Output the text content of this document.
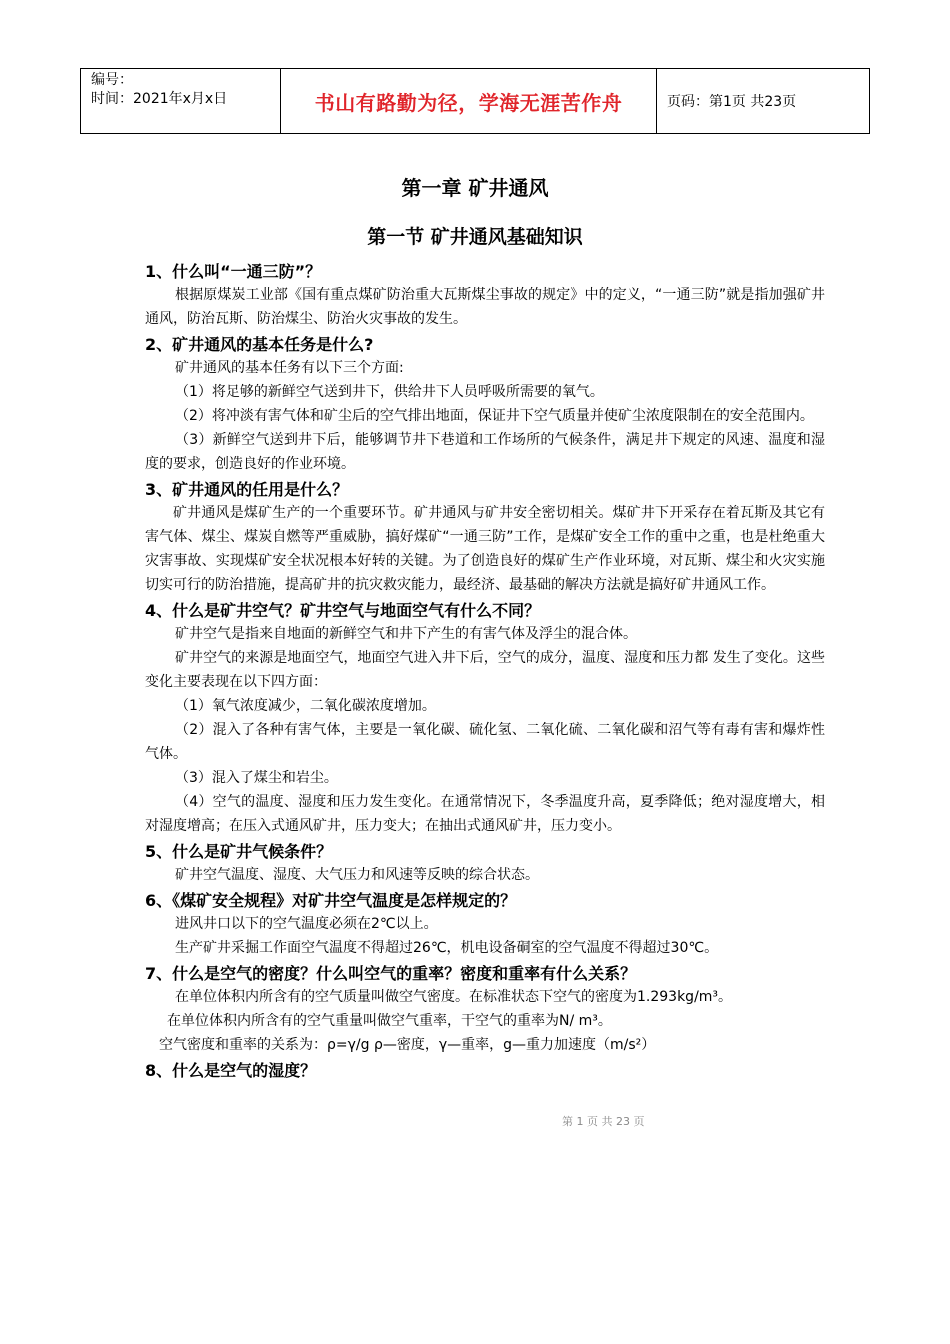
编号：
时间：2021年x月x日	书山有路勤为径，学海无涯苦作舟	页码：第1页 共23页
第一章 矿井通风
第一节 矿井通风基础知识
1、什么叫“一通三防”？
根据原煤炭工业部《国有重点煤矿防治重大瓦斯煤尘事故的规定》中的定义，“一通三防”就是指加强矿井通风，防治瓦斯、防治煤尘、防治火灾事故的发生。
2、矿井通风的基本任务是什么?
矿井通风的基本任务有以下三个方面:
（1）将足够的新鲜空气送到井下，供给井下人员呼吸所需要的氧气。
（2）将冲淡有害气体和矿尘后的空气排出地面，保证井下空气质量并使矿尘浓度限制在的安全范围内。
（3）新鲜空气送到井下后，能够调节井下巷道和工作场所的气候条件，满足井下规定的风速、温度和湿度的要求，创造良好的作业环境。
3、矿井通风的任用是什么？
矿井通风是煤矿生产的一个重要环节。矿井通风与矿井安全密切相关。煤矿井下开采存在着瓦斯及其它有害气体、煤尘、煤炭自燃等严重威胁，搞好煤矿“一通三防”工作，是煤矿安全工作的重中之重，也是杜绝重大灾害事故、实现煤矿安全状况根本好转的关键。为了创造良好的煤矿生产作业环境，对瓦斯、煤尘和火灾实施切实可行的防治措施，提高矿井的抗灾救灾能力，最经济、最基础的解决方法就是搞好矿井通风工作。
4、什么是矿井空气？矿井空气与地面空气有什么不同？
矿井空气是指来自地面的新鲜空气和井下产生的有害气体及浮尘的混合体。
矿井空气的来源是地面空气，地面空气进入井下后，空气的成分，温度、湿度和压力都 发生了变化。这些变化主要表现在以下四方面：
（1）氧气浓度减少，二氧化碳浓度增加。
（2）混入了各种有害气体，主要是一氧化碳、硫化氢、二氧化硫、二氧化碳和沼气等有毒有害和爆炸性气体。
（3）混入了煤尘和岩尘。
（4）空气的温度、湿度和压力发生变化。在通常情况下，冬季温度升高，夏季降低；绝对湿度增大，相对湿度增高；在压入式通风矿井，压力变大；在抽出式通风矿井，压力变小。
5、什么是矿井气候条件？
矿井空气温度、湿度、大气压力和风速等反映的综合状态。
6、《煤矿安全规程》对矿井空气温度是怎样规定的？
进风井口以下的空气温度必须在2℃以上。
生产矿井采掘工作面空气温度不得超过26℃，机电设备硐室的空气温度不得超过30℃。
7、什么是空气的密度？什么叫空气的重率？密度和重率有什么关系？
在单位体积内所含有的空气质量叫做空气密度。在标准状态下空气的密度为1.293kg/m³。
在单位体积内所含有的空气重量叫做空气重率，干空气的重率为N/ m³。
空气密度和重率的关系为：ρ=γ/g ρ—密度，γ—重率，g—重力加速度（m/s²）
8、什么是空气的湿度？
第 1 页 共 23 页
